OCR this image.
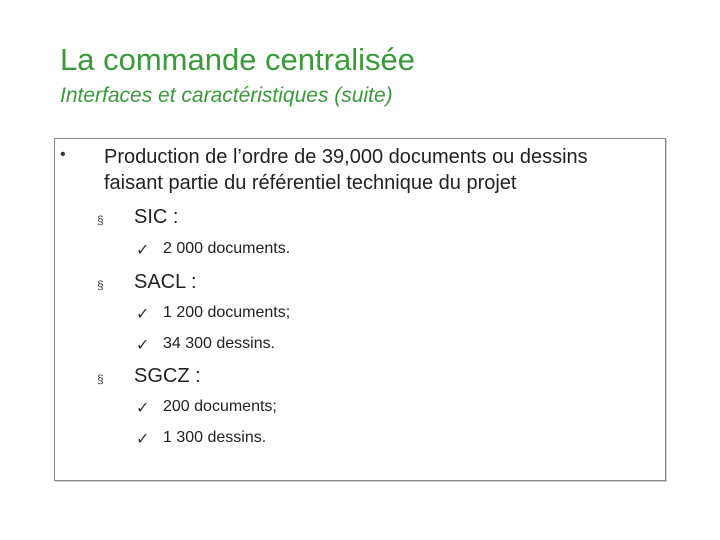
La commande centralisée
Interfaces et caractéristiques (suite)
• Production de l’ordre de 39,000 documents ou dessins faisant partie du référentiel technique du projet
§ SIC :
✓ 2 000 documents.
§ SACL :
✓ 1 200 documents;
✓ 34 300 dessins.
§ SGCZ :
✓ 200 documents;
✓ 1 300 dessins.
